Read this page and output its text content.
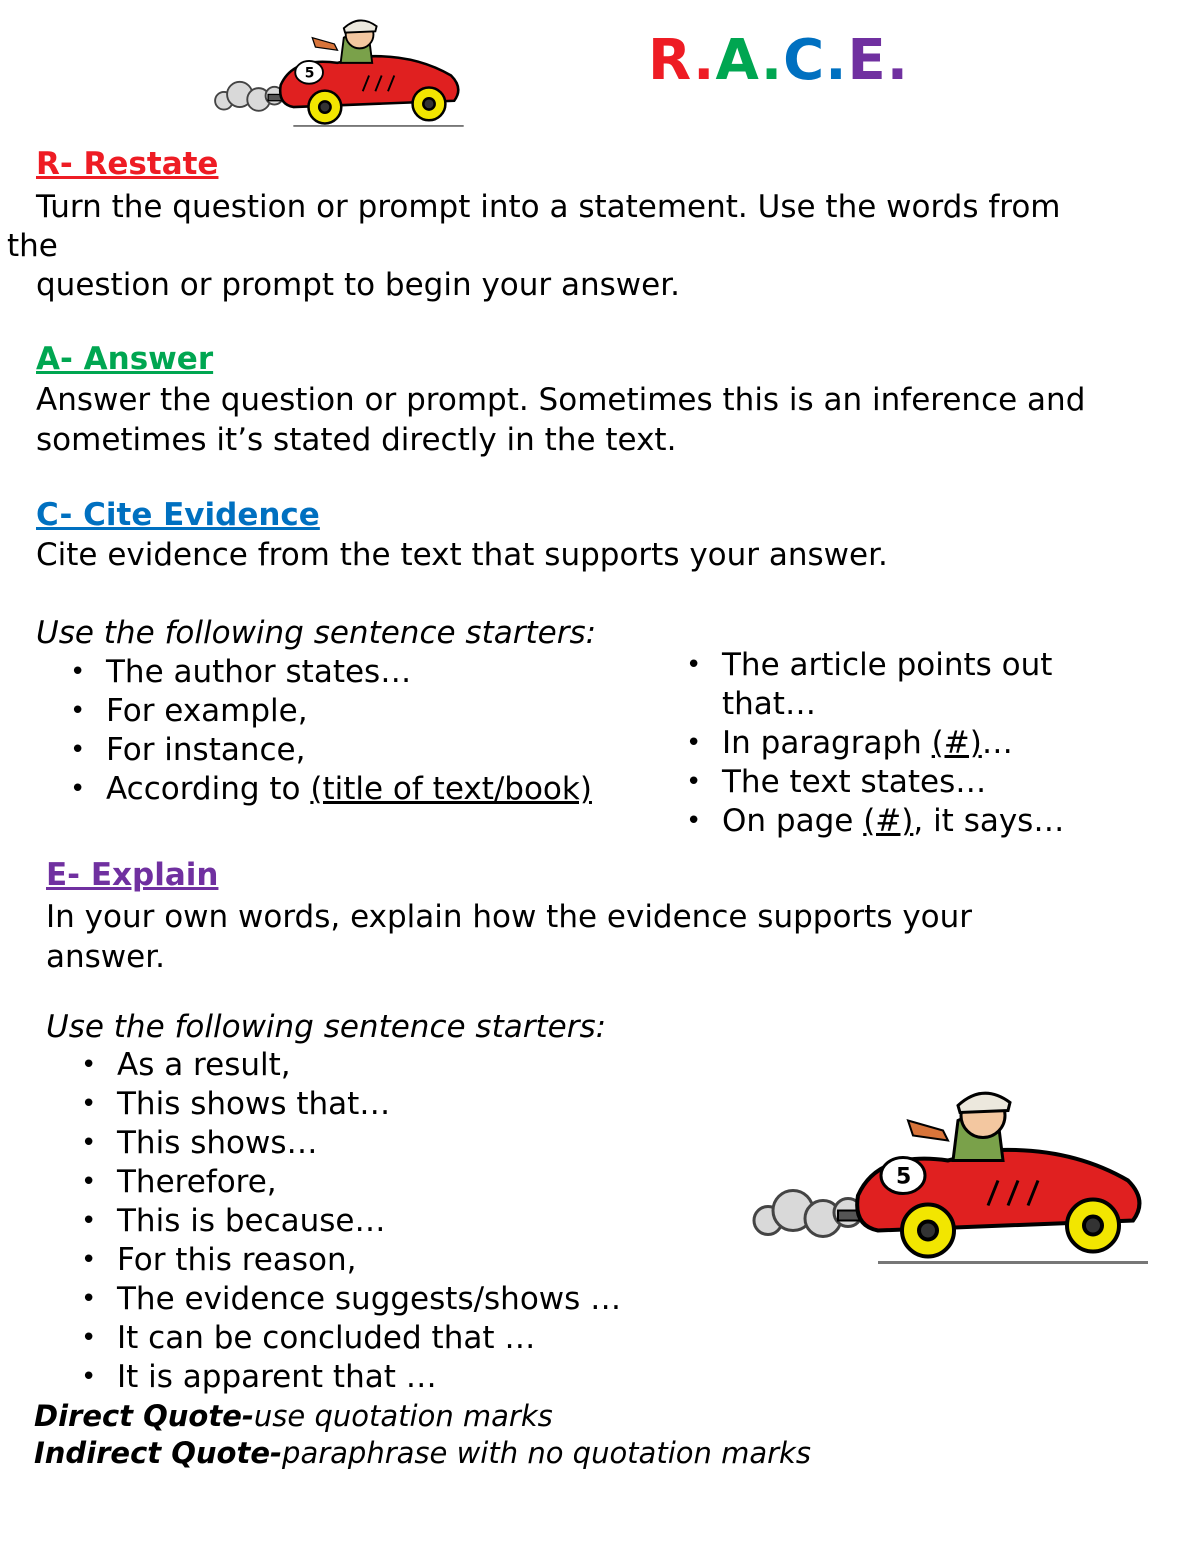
5	R.A.C.E.
R- Restate
Turn the question or prompt into a statement. Use the words from
the
question or prompt to begin your answer.
A- Answer
Answer the question or prompt. Sometimes this is an inference and
sometimes it’s stated directly in the text.
C- Cite Evidence
Cite evidence from the text that supports your answer.
Use the following sentence starters:
• The author states…
• For example,
• For instance,
• According to (title of text/book)
• The article points out
that…
• In paragraph (#)…
• The text states…
• On page (#), it says…
E- Explain
In your own words, explain how the evidence supports your
answer.
Use the following sentence starters:
• As a result,
• This shows that…
• This shows…
• Therefore,
• This is because…
• For this reason,
• The evidence suggests/shows …
• It can be concluded that …
• It is apparent that …
5
Direct Quote-use quotation marks
Indirect Quote-paraphrase with no quotation marks
